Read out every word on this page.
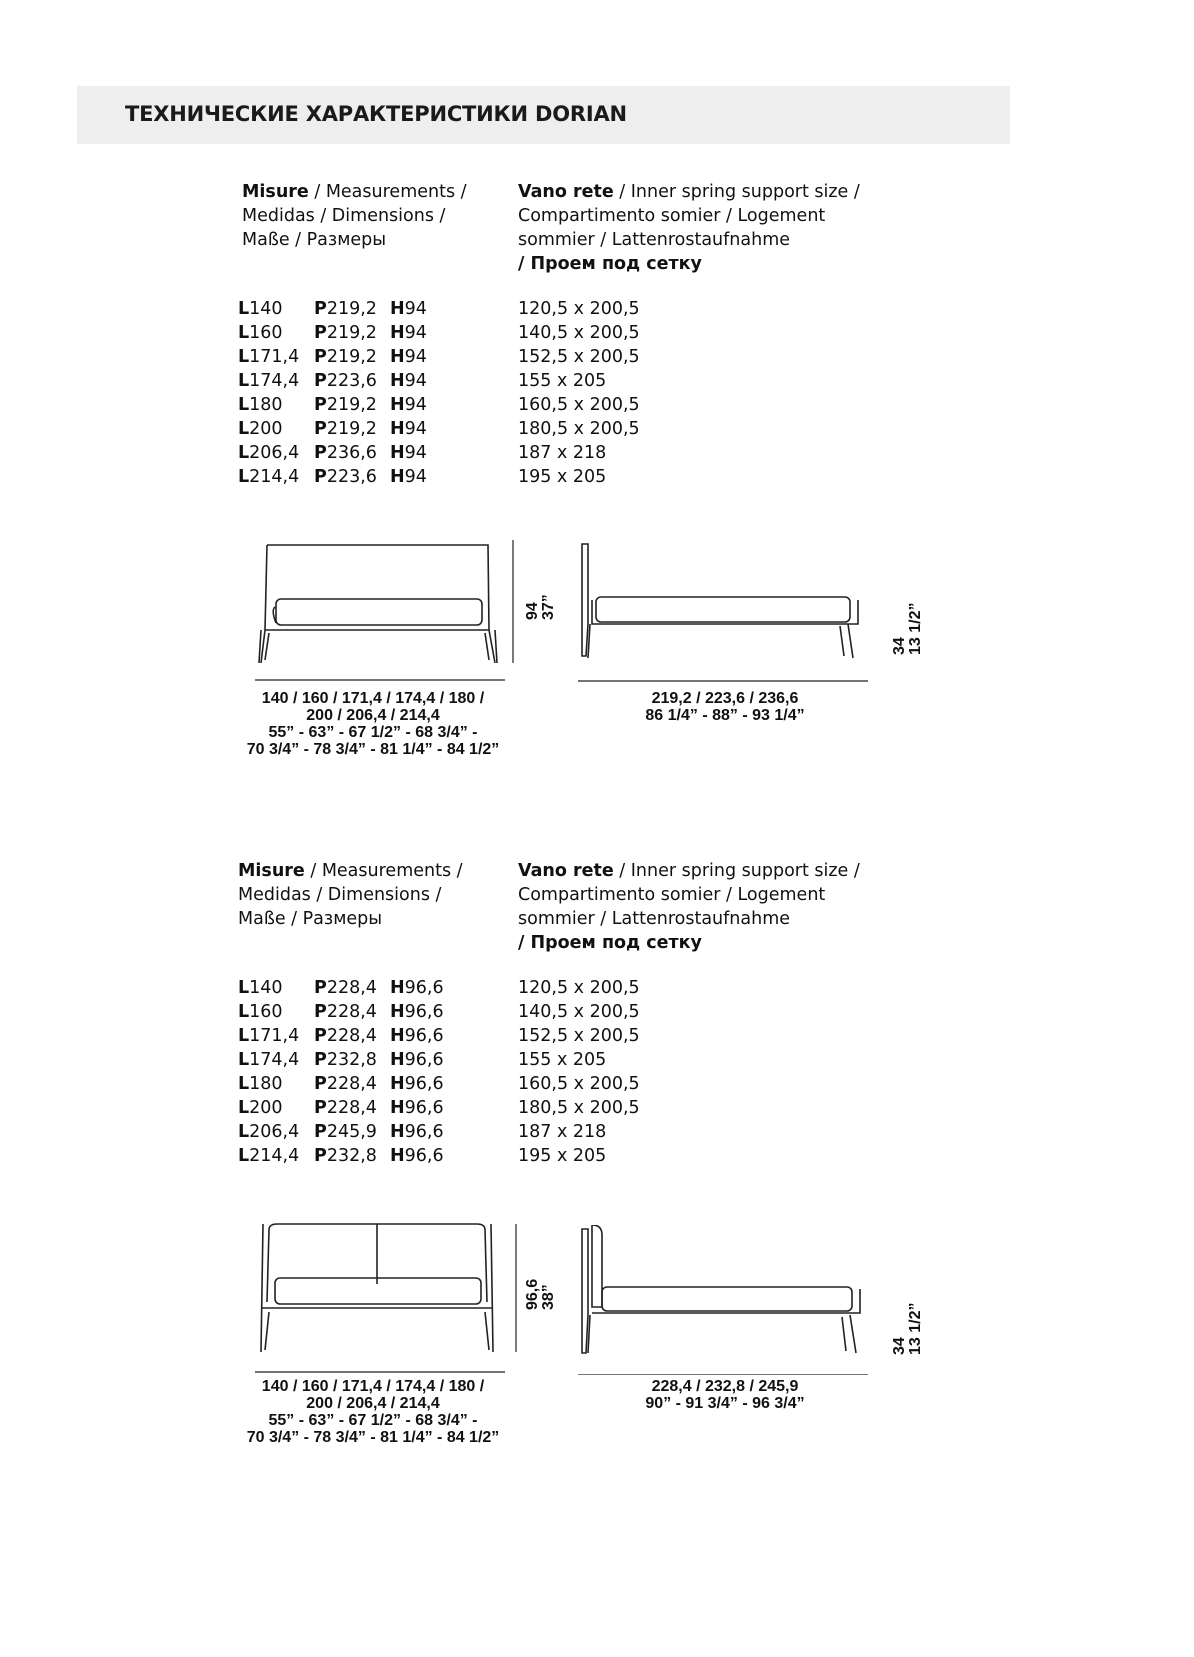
ТЕХНИЧЕСКИЕ ХАРАКТЕРИСТИКИ DORIAN
Misure / Measurements /
Medidas / Dimensions /
Maße / Размеры
Vano rete / Inner spring support size /
Compartimento somier / Logement
sommier / Lattenrostaufnahme
/ Проем под сетку
L140 P219,2 H94
L160 P219,2 H94
L171,4 P219,2 H94
L174,4 P223,6 H94
L180 P219,2 H94
L200 P219,2 H94
L206,4 P236,6 H94
L214,4 P223,6 H94
120,5 x 200,5
140,5 x 200,5
152,5 x 200,5
155 x 205
160,5 x 200,5
180,5 x 200,5
187 x 218
195 x 205
94 37”
140 / 160 / 171,4 / 174,4 / 180 /
200 / 206,4 / 214,4
55” - 63” - 67 1/2” - 68 3/4” -
70 3/4” - 78 3/4” - 81 1/4” - 84 1/2”
34 13 1/2”
219,2 / 223,6 / 236,6
86 1/4” - 88” - 93 1/4”
Misure / Measurements /
Medidas / Dimensions /
Maße / Размеры
Vano rete / Inner spring support size /
Compartimento somier / Logement
sommier / Lattenrostaufnahme
/ Проем под сетку
L140 P228,4 H96,6
L160 P228,4 H96,6
L171,4 P228,4 H96,6
L174,4 P232,8 H96,6
L180 P228,4 H96,6
L200 P228,4 H96,6
L206,4 P245,9 H96,6
L214,4 P232,8 H96,6
120,5 x 200,5
140,5 x 200,5
152,5 x 200,5
155 x 205
160,5 x 200,5
180,5 x 200,5
187 x 218
195 x 205
96,6 38”
140 / 160 / 171,4 / 174,4 / 180 /
200 / 206,4 / 214,4
55” - 63” - 67 1/2” - 68 3/4” -
70 3/4” - 78 3/4” - 81 1/4” - 84 1/2”
34 13 1/2”
228,4 / 232,8 / 245,9
90” - 91 3/4” - 96 3/4”
